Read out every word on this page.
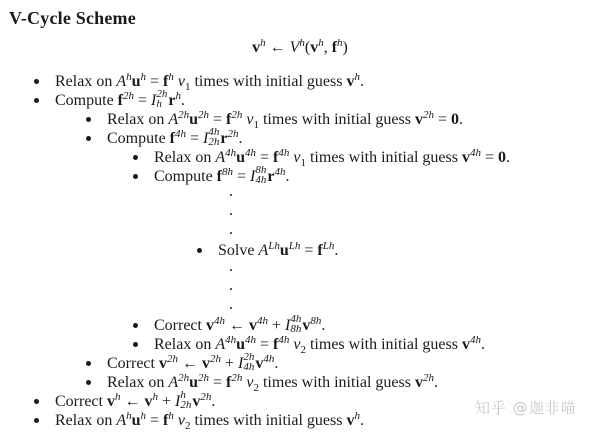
V-Cycle Scheme
$v^h$ ← $V^h(v^h$, $f^h$)
Relax on $A^hu^h = f^h$ $\nu_1$ times with initial guess $v^h$.
Compute $f^{2h} = I$ 2h
h $r^h$.
Relax on $A^{2h}u^{2h} = f^{2h}$ $\nu_1$ times with initial guess $v^{2h} = 0$.
Compute $f^{4h} = I$ 4h
2h $r^{2h}$.
Relax on $A^{4h}u^{4h} = f^{4h}$ $\nu_1$ times with initial guess $v^{4h} = 0$.
Compute $f^{8h} = I$ 8h
4h $r^{4h}$.
Solve $A^{Lh}u^{Lh} = f^{Lh}$.
Correct $v^{4h}$ ← $v^{4h} + I$ 4h
8h $v^{8h}$.
Relax on $A^{4h}u^{4h} = f^{4h}$ $\nu_2$ times with initial guess $v^{4h}$.
Correct $v^{2h}$ ← $v^{2h} + I$ 2h
4h $v^{4h}$.
Relax on $A^{2h}u^{2h} = f^{2h}$ $\nu_2$ times with initial guess $v^{2h}$.
Correct $v^h$ ← $v^h + I$ h
2h $v^{2h}$.
Relax on $A^hu^h = f^h$ $\nu_2$ times with initial guess $v^h$.
知乎 @迦非喵
